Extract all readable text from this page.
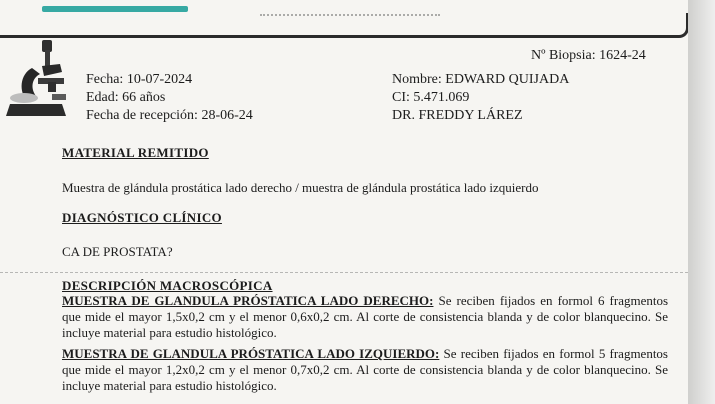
Nº Biopsia: 1624-24
Fecha: 10-07-2024
Edad: 66 años
Fecha de recepción: 28-06-24
Nombre: EDWARD QUIJADA
CI: 5.471.069
DR. FREDDY LÁREZ
MATERIAL REMITIDO
Muestra de glándula prostática lado derecho / muestra de glándula prostática lado izquierdo
DIAGNÓSTICO CLÍNICO
CA DE PROSTATA?
DESCRIPCIÓN MACROSCÓPICA
MUESTRA DE GLANDULA PRÓSTATICA LADO DERECHO: Se reciben fijados en formol 6 fragmentos que mide el mayor 1,5x0,2 cm y el menor 0,6x0,2 cm. Al corte de consistencia blanda y de color blanquecino. Se incluye material para estudio histológico.
MUESTRA DE GLANDULA PRÓSTATICA LADO IZQUIERDO: Se reciben fijados en formol 5 fragmentos que mide el mayor 1,2x0,2 cm y el menor 0,7x0,2 cm. Al corte de consistencia blanda y de color blanquecino. Se incluye material para estudio histológico.
